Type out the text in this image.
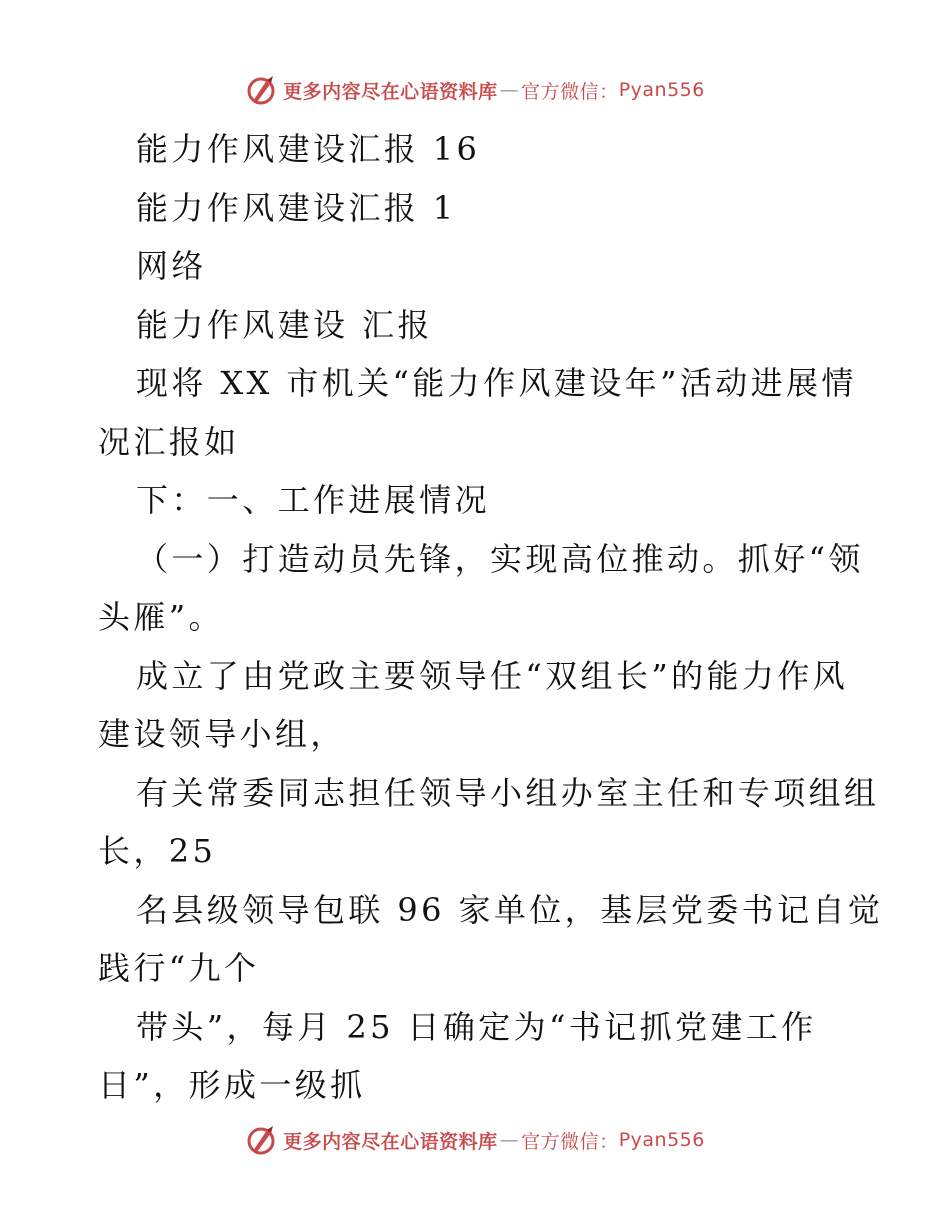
更多内容尽在心语资料库 — 官方微信： Pyan556
能力作风建设汇报 16
能力作风建设汇报 1
网络
能力作风建设 汇报
现将 XX 市机关“能力作风建设年”活动进展情
况汇报如
下：一、工作进展情况
（一）打造动员先锋，实现高位推动。抓好“领
头雁”。
成立了由党政主要领导任“双组长”的能力作风
建设领导小组，
有关常委同志担任领导小组办室主任和专项组组
长，25
名县级领导包联 96 家单位，基层党委书记自觉
践行“九个
带头”，每月 25 日确定为“书记抓党建工作
日”，形成一级抓
更多内容尽在心语资料库 — 官方微信： Pyan556
